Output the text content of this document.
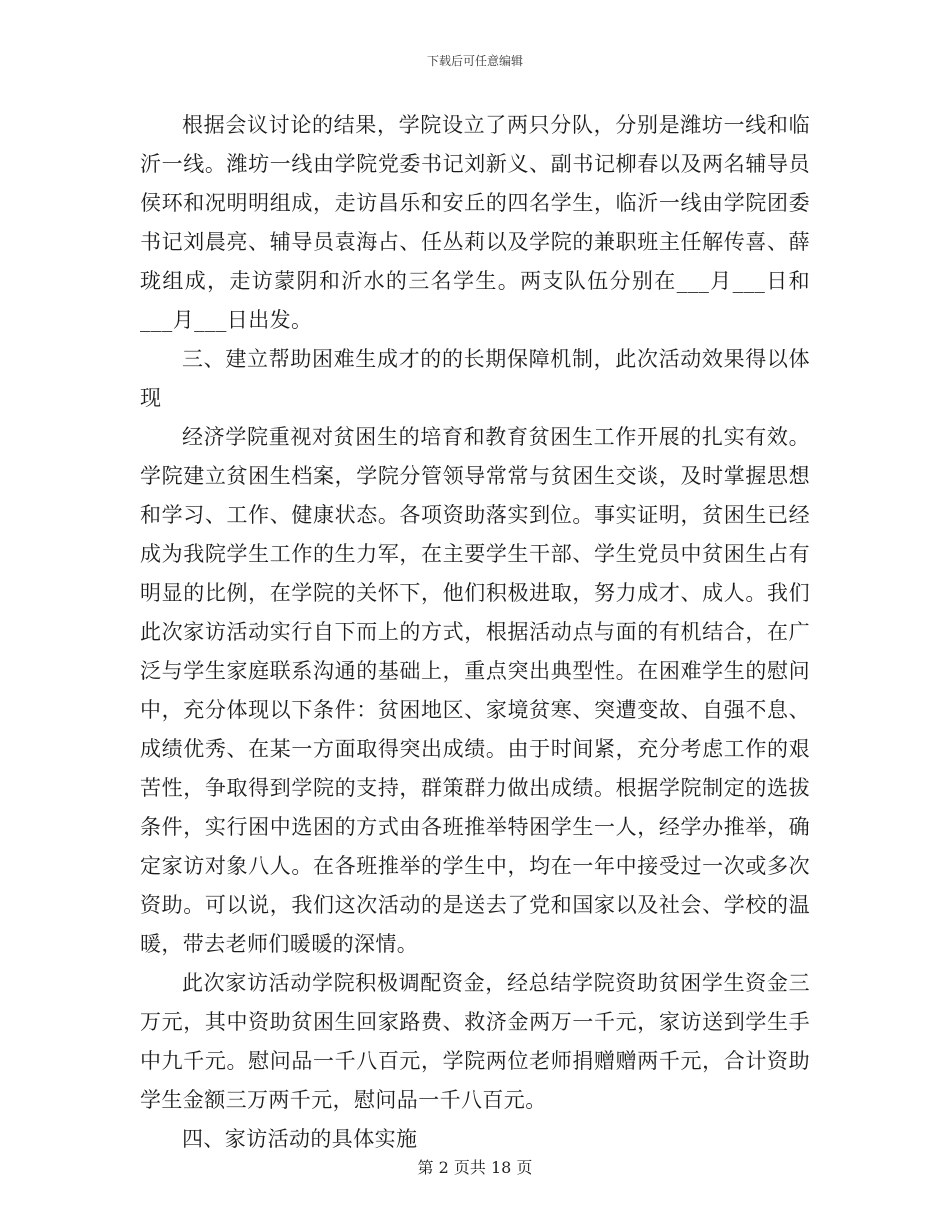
下载后可任意编辑

根据会议讨论的结果，学院设立了两只分队，分别是潍坊一线和临沂一线。潍坊一线由学院党委书记刘新义、副书记柳春以及两名辅导员侯环和况明明组成，走访昌乐和安丘的四名学生，临沂一线由学院团委书记刘晨亮、辅导员袁海占、任丛莉以及学院的兼职班主任解传喜、薛珑组成，走访蒙阴和沂水的三名学生。两支队伍分别在___月___日和___月___日出发。

三、建立帮助困难生成才的的长期保障机制，此次活动效果得以体现

经济学院重视对贫困生的培育和教育贫困生工作开展的扎实有效。学院建立贫困生档案，学院分管领导常常与贫困生交谈，及时掌握思想和学习、工作、健康状态。各项资助落实到位。事实证明，贫困生已经成为我院学生工作的生力军，在主要学生干部、学生党员中贫困生占有明显的比例，在学院的关怀下，他们积极进取，努力成才、成人。我们此次家访活动实行自下而上的方式，根据活动点与面的有机结合，在广泛与学生家庭联系沟通的基础上，重点突出典型性。在困难学生的慰问中，充分体现以下条件：贫困地区、家境贫寒、突遭变故、自强不息、成绩优秀、在某一方面取得突出成绩。由于时间紧，充分考虑工作的艰苦性，争取得到学院的支持，群策群力做出成绩。根据学院制定的选拔条件，实行困中选困的方式由各班推举特困学生一人，经学办推举，确定家访对象八人。在各班推举的学生中，均在一年中接受过一次或多次资助。可以说，我们这次活动的是送去了党和国家以及社会、学校的温暖，带去老师们暖暖的深情。

此次家访活动学院积极调配资金，经总结学院资助贫困学生资金三万元，其中资助贫困生回家路费、救济金两万一千元，家访送到学生手中九千元。慰问品一千八百元，学院两位老师捐赠赠两千元，合计资助学生金额三万两千元，慰问品一千八百元。

四、家访活动的具体实施

第 2 页共 18 页
